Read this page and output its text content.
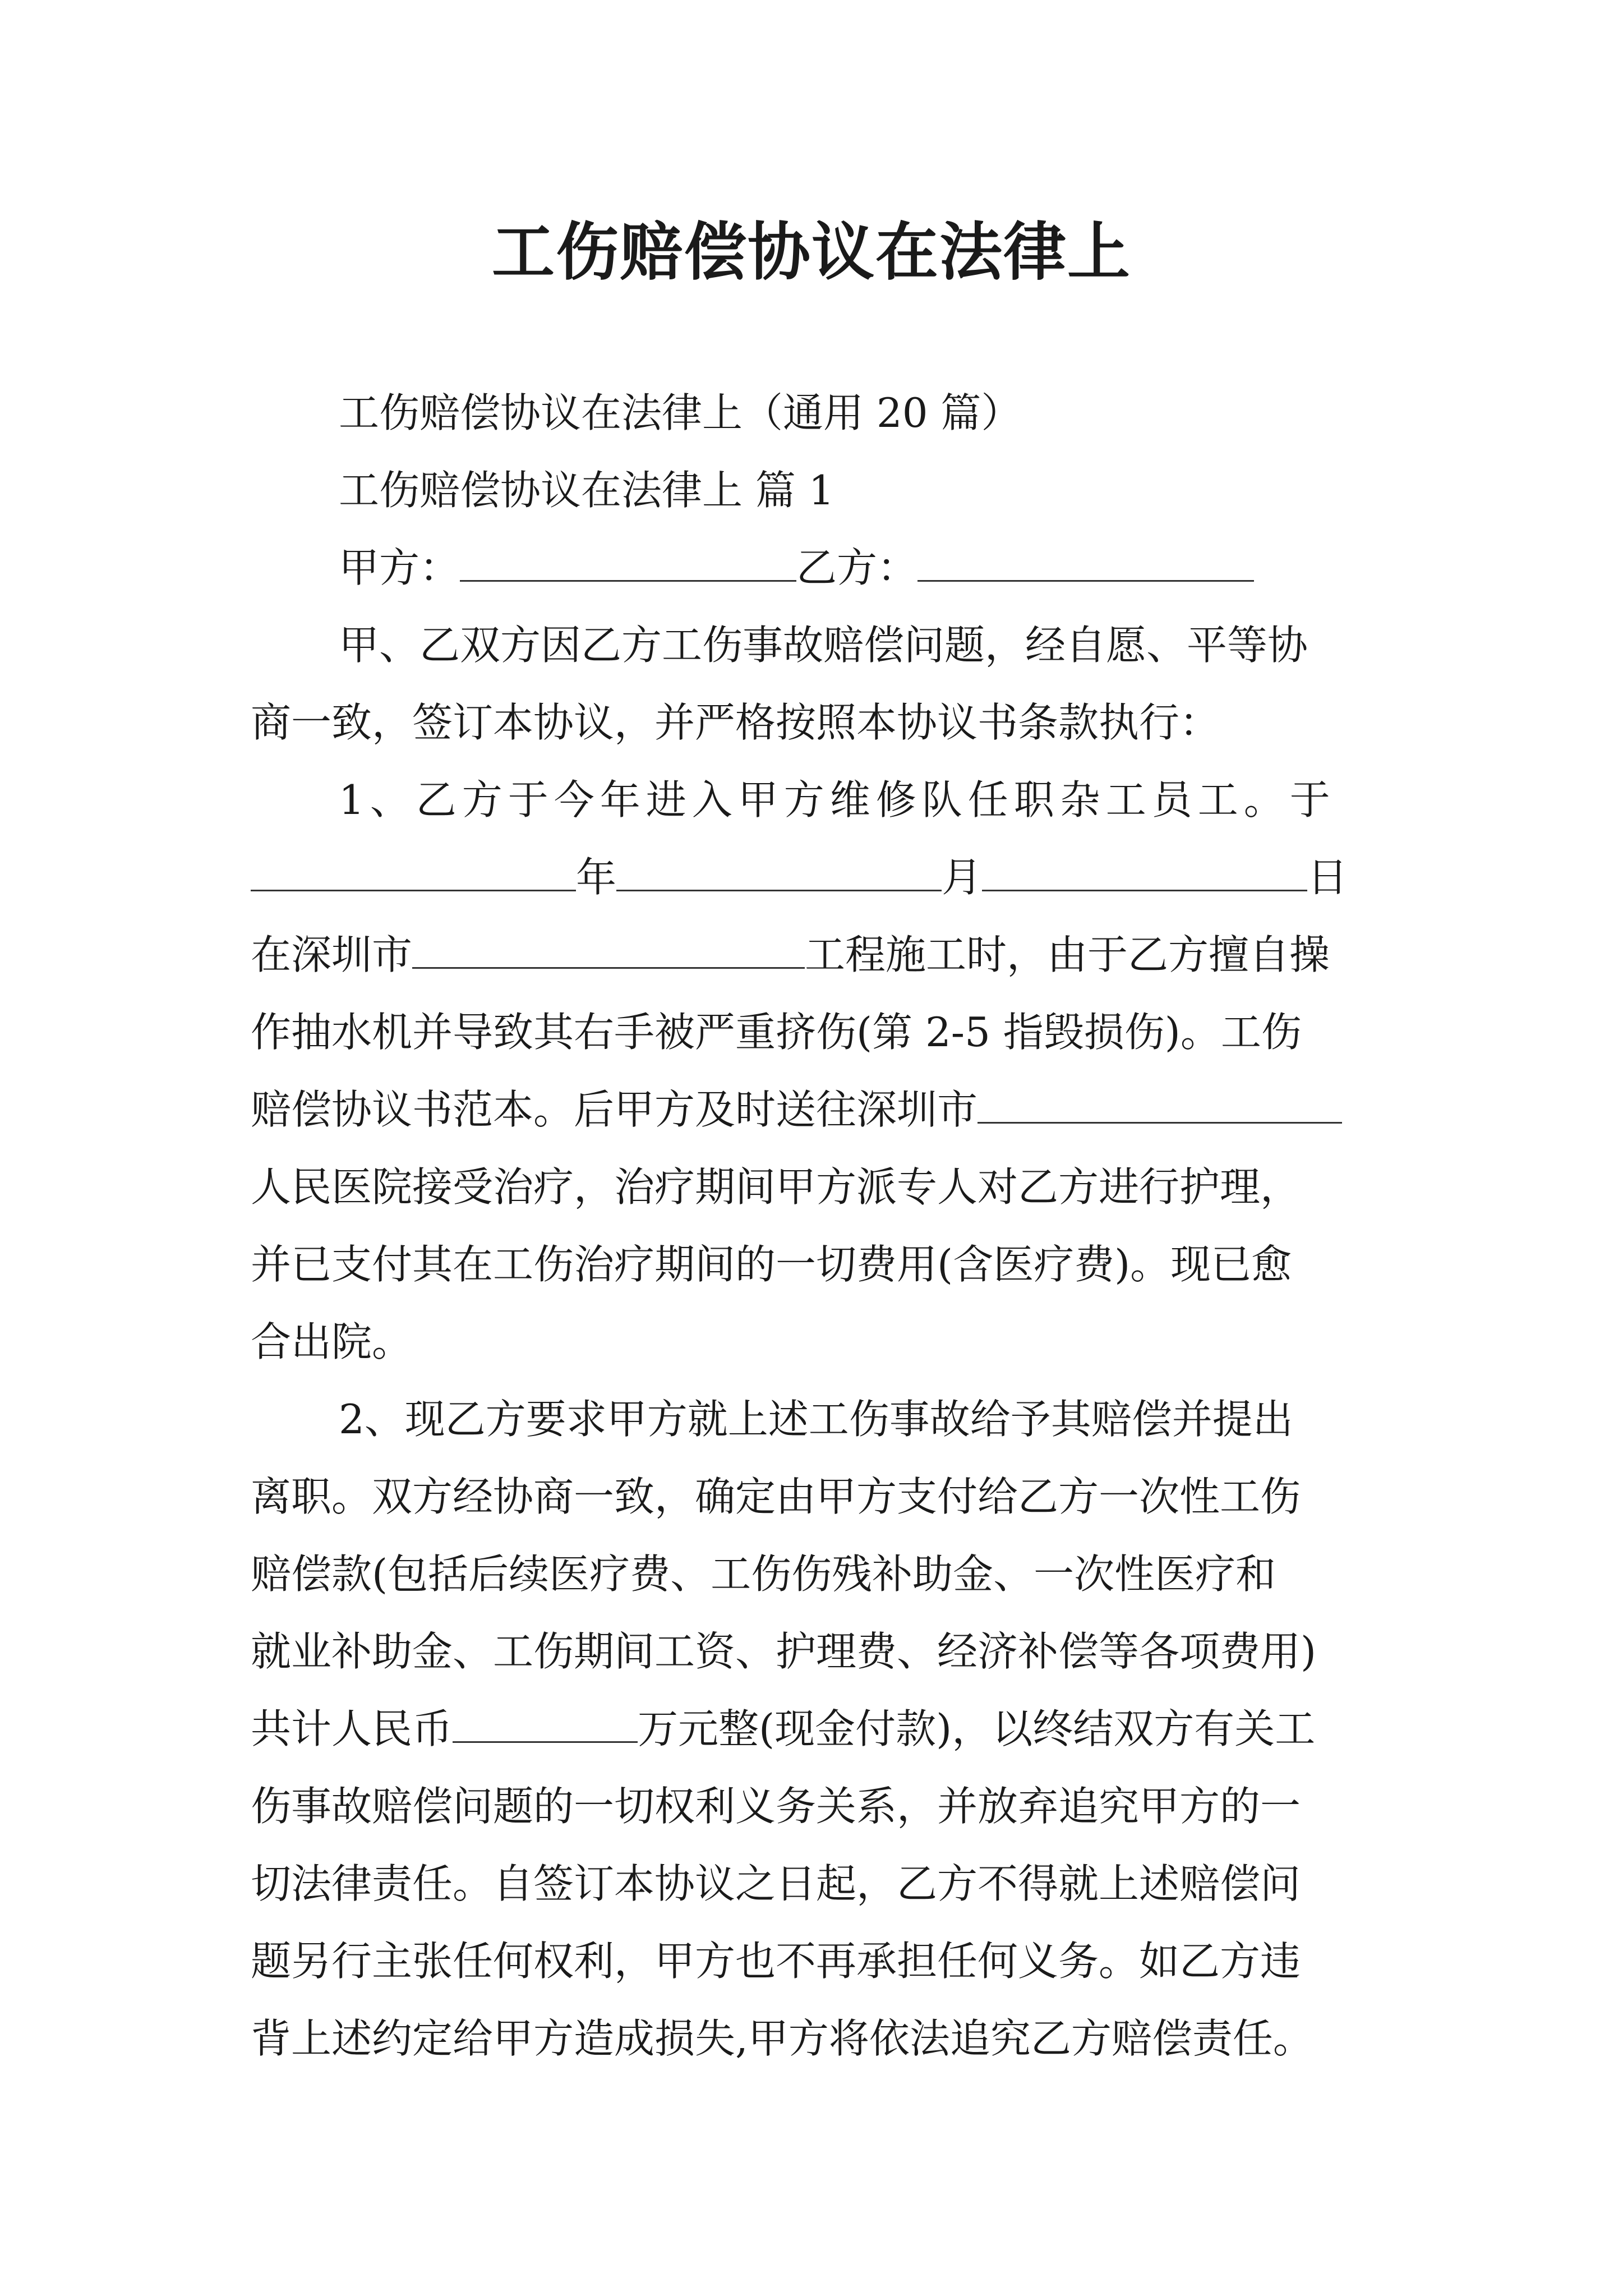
工伤赔偿协议在法律上
工伤赔偿协议在法律上（通用 20 篇）
工伤赔偿协议在法律上 篇 1
甲方：	乙方：
甲、乙双方因乙方工伤事故赔偿问题，经自愿、平等协
商一致，签订本协议，并严格按照本协议书条款执行：
1、乙方于今年进入甲方维修队任职杂工员工。于
年	月	日
在深圳市	工程施工时，由于乙方擅自操
作抽水机并导致其右手被严重挤伤(第 2-5 指毁损伤)。工伤
赔偿协议书范本。后甲方及时送往深圳市
人民医院接受治疗，治疗期间甲方派专人对乙方进行护理，
并已支付其在工伤治疗期间的一切费用(含医疗费)。现已愈
合出院。
2、现乙方要求甲方就上述工伤事故给予其赔偿并提出
离职。双方经协商一致，确定由甲方支付给乙方一次性工伤
赔偿款(包括后续医疗费、工伤伤残补助金、一次性医疗和
就业补助金、工伤期间工资、护理费、经济补偿等各项费用)
共计人民币	万元整(现金付款)，以终结双方有关工
伤事故赔偿问题的一切权利义务关系，并放弃追究甲方的一
切法律责任。自签订本协议之日起，乙方不得就上述赔偿问
题另行主张任何权利，甲方也不再承担任何义务。如乙方违
背上述约定给甲方造成损失,甲方将依法追究乙方赔偿责任。
